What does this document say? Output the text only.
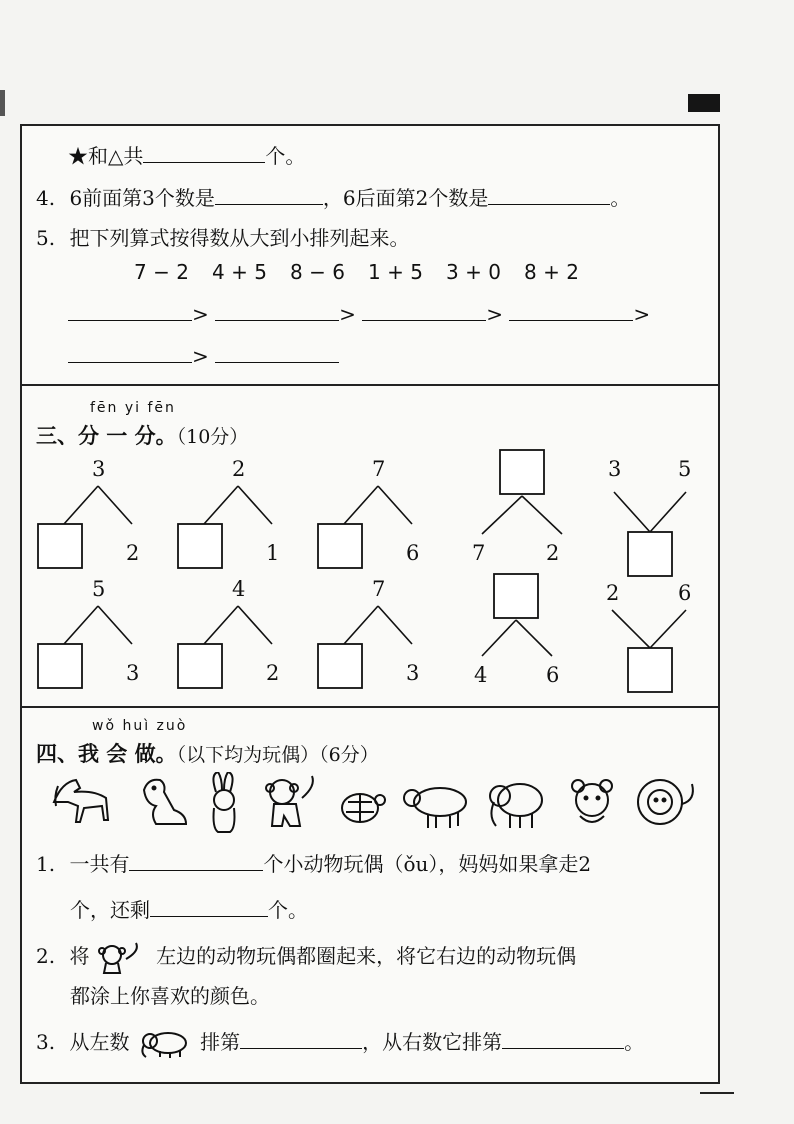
★和△共	个。
4. 6前面第3个数是	，6后面第2个数是	。
5. 把下列算式按得数从大到小排列起来。
7 − 2 4 + 5 8 − 6 1 + 5 3 + 0 8 + 2
>	>	>	>
>
fēn yi fēn
三、分 一 分。（10分）
3
2
2
1
7
6	7	2
3	5
5
3
4
2
7
3	4	6
2	6
wǒ huì zuò
四、我 会 做。（以下均为玩偶）（6分）
1. 一共有	个小动物玩偶（ǒu），妈妈如果拿走2
个，还剩	个。
2. 将	左边的动物玩偶都圈起来，将它右边的动物玩偶
都涂上你喜欢的颜色。
3. 从左数	排第	，从右数它排第	。
